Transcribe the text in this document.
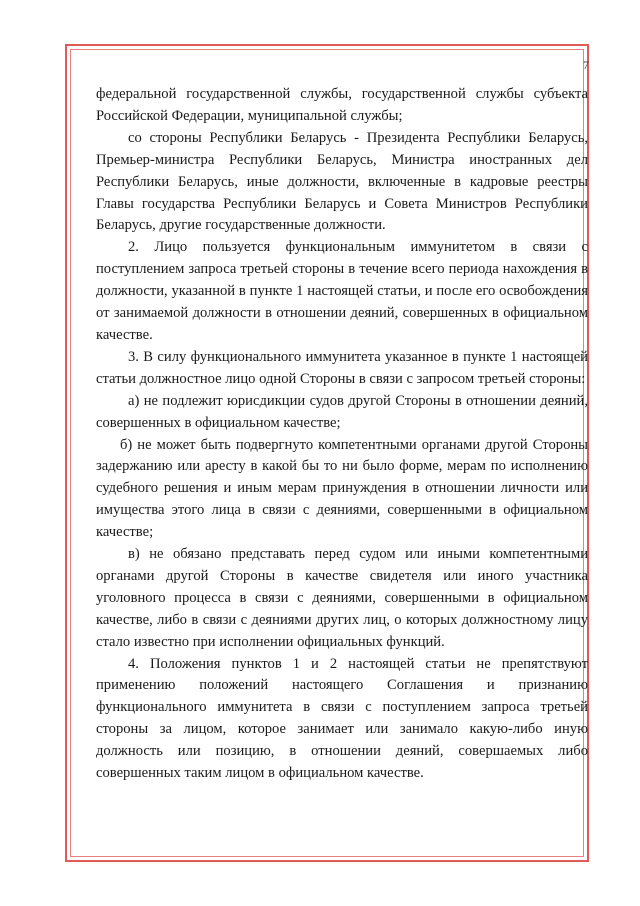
7

федеральной государственной службы, государственной службы субъекта Российской Федерации, муниципальной службы;

со стороны Республики Беларусь - Президента Республики Беларусь, Премьер-министра Республики Беларусь, Министра иностранных дел Республики Беларусь, иные должности, включенные в кадровые реестры Главы государства Республики Беларусь и Совета Министров Республики Беларусь, другие государственные должности.

2. Лицо пользуется функциональным иммунитетом в связи с поступлением запроса третьей стороны в течение всего периода нахождения в должности, указанной в пункте 1 настоящей статьи, и после его освобождения от занимаемой должности в отношении деяний, совершенных в официальном качестве.

3. В силу функционального иммунитета указанное в пункте 1 настоящей статьи должностное лицо одной Стороны в связи с запросом третьей стороны:

а) не подлежит юрисдикции судов другой Стороны в отношении деяний, совершенных в официальном качестве;

б) не может быть подвергнуто компетентными органами другой Стороны задержанию или аресту в какой бы то ни было форме, мерам по исполнению судебного решения и иным мерам принуждения в отношении личности или имущества этого лица в связи с деяниями, совершенными в официальном качестве;

в) не обязано представать перед судом или иными компетентными органами другой Стороны в качестве свидетеля или иного участника уголовного процесса в связи с деяниями, совершенными в официальном качестве, либо в связи с деяниями других лиц, о которых должностному лицу стало известно при исполнении официальных функций.

4. Положения пунктов 1 и 2 настоящей статьи не препятствуют применению положений настоящего Соглашения и признанию функционального иммунитета в связи с поступлением запроса третьей стороны за лицом, которое занимает или занимало какую-либо иную должность или позицию, в отношении деяний, совершаемых либо совершенных таким лицом в официальном качестве.
